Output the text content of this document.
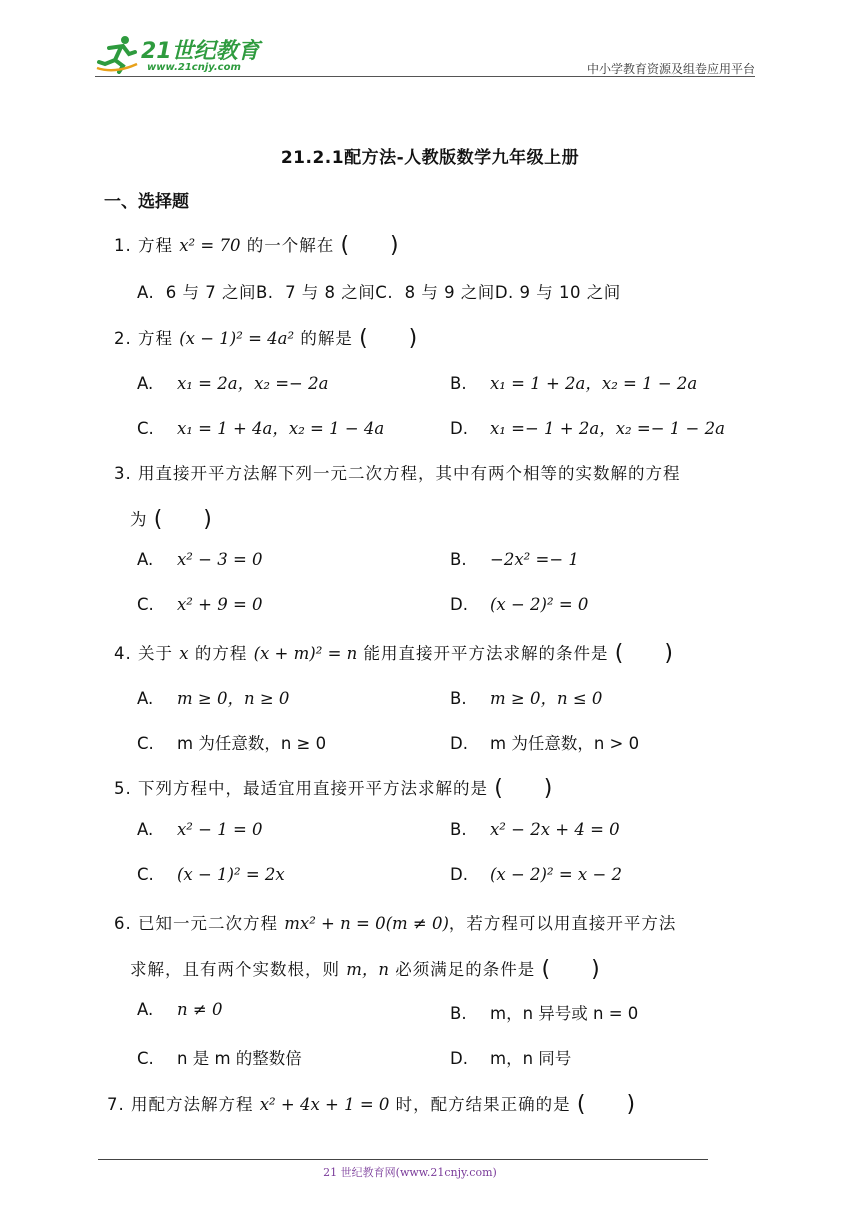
21世纪教育
www.21cnjy.com	中小学教育资源及组卷应用平台
21.2.1配方法-人教版数学九年级上册
一、选择题
1. 方程 x² = 70 的一个解在 (     )
A. 6 与 7 之间B. 7 与 8 之间C. 8 与 9 之间D. 9 与 10 之间
2. 方程 (x − 1)² = 4a² 的解是 (     )
A. x₁ = 2a，x₂ =− 2a	B. x₁ = 1 + 2a，x₂ = 1 − 2a
C. x₁ = 1 + 4a，x₂ = 1 − 4a	D. x₁ =− 1 + 2a，x₂ =− 1 − 2a
3. 用直接开平方法解下列一元二次方程，其中有两个相等的实数解的方程
为 (     )
A. x² − 3 = 0	B. −2x² =− 1
C. x² + 9 = 0	D. (x − 2)² = 0
4. 关于 x 的方程 (x + m)² = n 能用直接开平方法求解的条件是 (     )
A. m ≥ 0，n ≥ 0	B. m ≥ 0，n ≤ 0
C. m 为任意数，n ≥ 0	D. m 为任意数，n > 0
5. 下列方程中，最适宜用直接开平方法求解的是 (     )
A. x² − 1 = 0	B. x² − 2x + 4 = 0
C. (x − 1)² = 2x	D. (x − 2)² = x − 2
6. 已知一元二次方程 mx² + n = 0(m ≠ 0)，若方程可以用直接开平方法
求解，且有两个实数根，则 m，n 必须满足的条件是 (     )
A. n ≠ 0	B. m，n 异号或 n = 0
C. n 是 m 的整数倍	D. m，n 同号
7. 用配方法解方程 x² + 4x + 1 = 0 时，配方结果正确的是 (     )
21 世纪教育网(www.21cnjy.com)
